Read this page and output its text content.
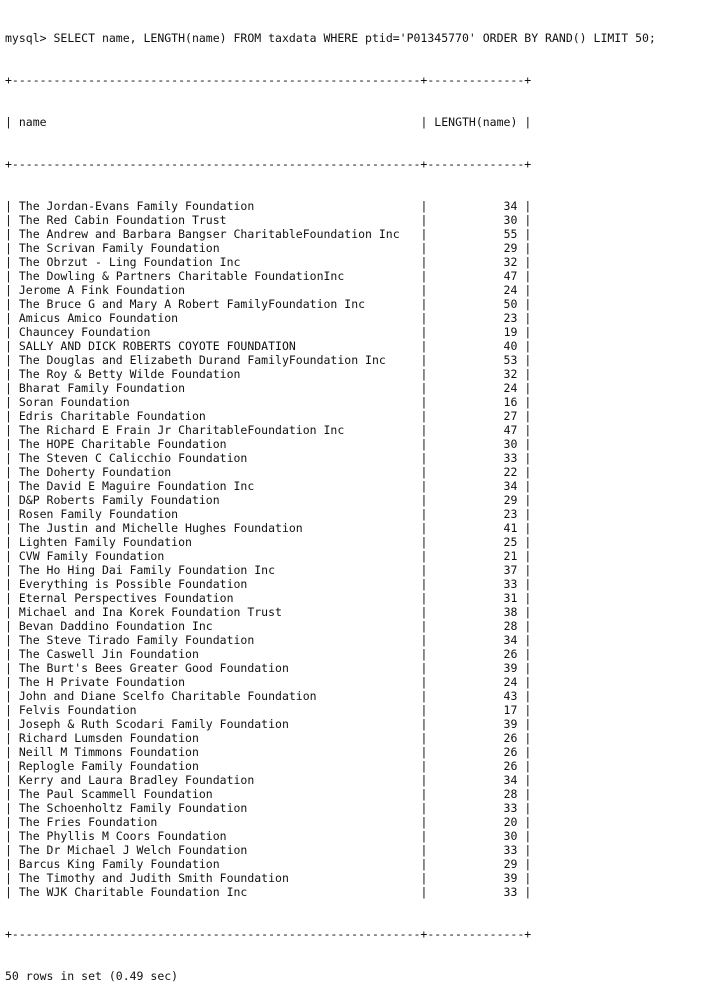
mysql> SELECT name, LENGTH(name) FROM taxdata WHERE ptid='P01345770' ORDER BY RAND() LIMIT 50;

+-----------------------------------------------------------+--------------+

| name	| LENGTH(name) |

+-----------------------------------------------------------+--------------+

| The Jordan-Evans Family Foundation	|	34 |
| The Red Cabin Foundation Trust	|	30 |
| The Andrew and Barbara Bangser CharitableFoundation Inc   |	55 |
| The Scrivan Family Foundation	|	29 |
| The Obrzut - Ling Foundation Inc	|	32 |
| The Dowling & Partners Charitable FoundationInc	|	47 |
| Jerome A Fink Foundation	|	24 |
| The Bruce G and Mary A Robert FamilyFoundation Inc	|	50 |
| Amicus Amico Foundation	|	23 |
| Chauncey Foundation	|	19 |
| SALLY AND DICK ROBERTS COYOTE FOUNDATION	|	40 |
| The Douglas and Elizabeth Durand FamilyFoundation Inc     |	53 |
| The Roy & Betty Wilde Foundation	|	32 |
| Bharat Family Foundation	|	24 |
| Soran Foundation	|	16 |
| Edris Charitable Foundation	|	27 |
| The Richard E Frain Jr CharitableFoundation Inc	|	47 |
| The HOPE Charitable Foundation	|	30 |
| The Steven C Calicchio Foundation	|	33 |
| The Doherty Foundation	|	22 |
| The David E Maguire Foundation Inc	|	34 |
| D&P Roberts Family Foundation	|	29 |
| Rosen Family Foundation	|	23 |
| The Justin and Michelle Hughes Foundation	|	41 |
| Lighten Family Foundation	|	25 |
| CVW Family Foundation	|	21 |
| The Ho Hing Dai Family Foundation Inc	|	37 |
| Everything is Possible Foundation	|	33 |
| Eternal Perspectives Foundation	|	31 |
| Michael and Ina Korek Foundation Trust	|	38 |
| Bevan Daddino Foundation Inc	|	28 |
| The Steve Tirado Family Foundation	|	34 |
| The Caswell Jin Foundation	|	26 |
| The Burt's Bees Greater Good Foundation	|	39 |
| The H Private Foundation	|	24 |
| John and Diane Scelfo Charitable Foundation	|	43 |
| Felvis Foundation	|	17 |
| Joseph & Ruth Scodari Family Foundation	|	39 |
| Richard Lumsden Foundation	|	26 |
| Neill M Timmons Foundation	|	26 |
| Replogle Family Foundation	|	26 |
| Kerry and Laura Bradley Foundation	|	34 |
| The Paul Scammell Foundation	|	28 |
| The Schoenholtz Family Foundation	|	33 |
| The Fries Foundation	|	20 |
| The Phyllis M Coors Foundation	|	30 |
| The Dr Michael J Welch Foundation	|	33 |
| Barcus King Family Foundation	|	29 |
| The Timothy and Judith Smith Foundation	|	39 |
| The WJK Charitable Foundation Inc	|	33 |

+-----------------------------------------------------------+--------------+

50 rows in set (0.49 sec)
